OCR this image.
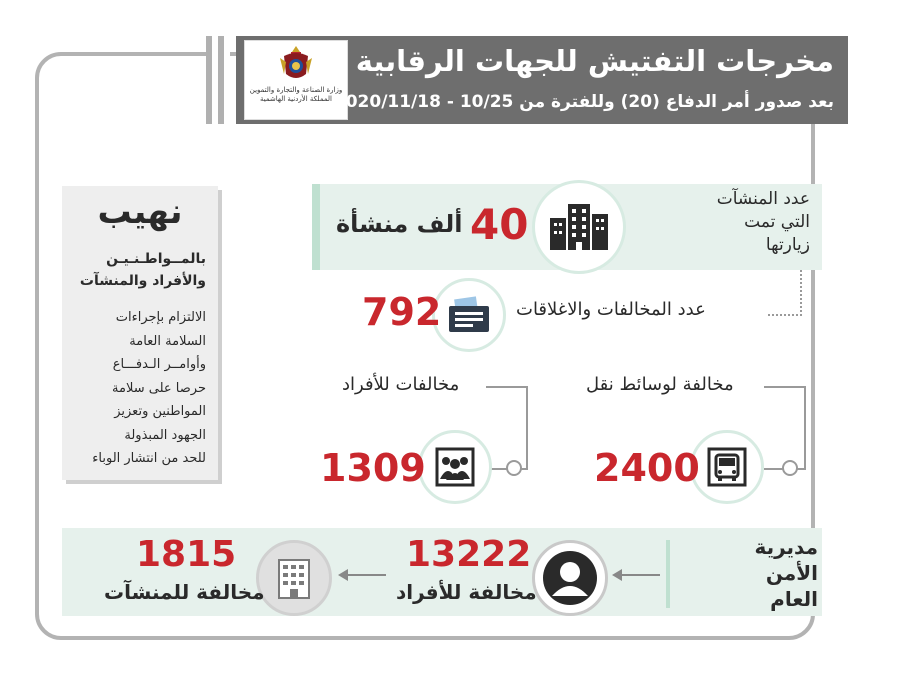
وزارة الصناعة والتجارة والتموين
المملكة الأردنية الهاشمية
مخرجات التفتيش للجهات الرقابية
بعد صدور أمر الدفاع (20) وللفترة من 10/25 - 2020/11/18
نهيب
بالمــواطـنـيـن
والأفراد والمنشآت
الالتزام بإجراءات
السلامة العامة
وأوامــر الـدفـــاع
حرصا على سلامة
المواطنين وتعزيز
الجهود المبذولة
للحد من انتشار الوباء
عدد المنشآت
التي تمت
زيارتها
40
ألف منشأة
عدد المخالفات والاغلاقات
792
مخالفة لوسائط نقل
2400
مخالفات للأفراد
1309
مديرية
الأمن
العام
13222
مخالفة للأفراد
1815
مخالفة للمنشآت
